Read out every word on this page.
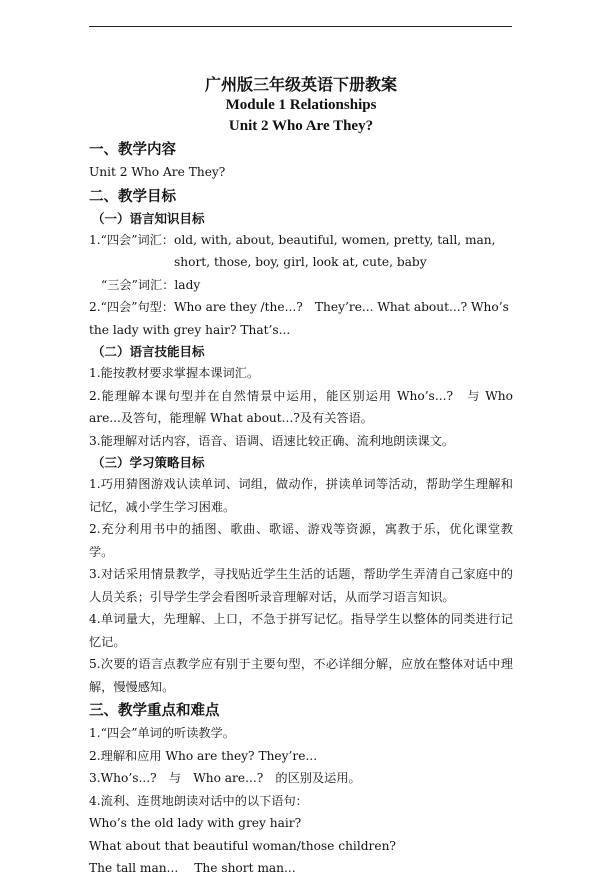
广州版三年级英语下册教案
Module 1 Relationships
Unit 2 Who Are They?
一、教学内容
Unit 2 Who Are They?
二、教学目标
（一）语言知识目标
1.“四会”词汇： old, with, about, beautiful, women, pretty, tall, man, short, those, boy, girl, look at, cute, baby
“三会”词汇： lady
2.“四会”句型：Who are they /the...?　They’re... What about...? Who’s the lady with grey hair? That’s...
（二）语言技能目标
1.能按教材要求掌握本课词汇。
2.能理解本课句型并在自然情景中运用，能区别运用 Who’s...?　与 Who are...及答句，能理解 What about...?及有关答语。
3.能理解对话内容，语音、语调、语速比较正确、流利地朗读课文。
（三）学习策略目标
1.巧用猜图游戏认读单词、词组，做动作，拼读单词等活动，帮助学生理解和记忆，减小学生学习困难。
2.充分利用书中的插图、歌曲、歌谣、游戏等资源，寓教于乐，优化课堂教学。
3.对话采用情景教学，寻找贴近学生生活的话题，帮助学生弄清自己家庭中的人员关系；引导学生学会看图听录音理解对话，从而学习语言知识。
4.单词量大，先理解、上口，不急于拼写记忆。指导学生以整体的同类进行记忆记。
5.次要的语言点教学应有别于主要句型，不必详细分解，应放在整体对话中理解，慢慢感知。
三、教学重点和难点
1.“四会”单词的听读教学。
2.理解和应用 Who are they? They’re...
3.Who’s...?　与　Who are...?　的区别及运用。
4.流利、连贯地朗读对话中的以下语句：
Who’s the old lady with grey hair?
What about that beautiful woman/those children?
The tall man...　 The short man...
